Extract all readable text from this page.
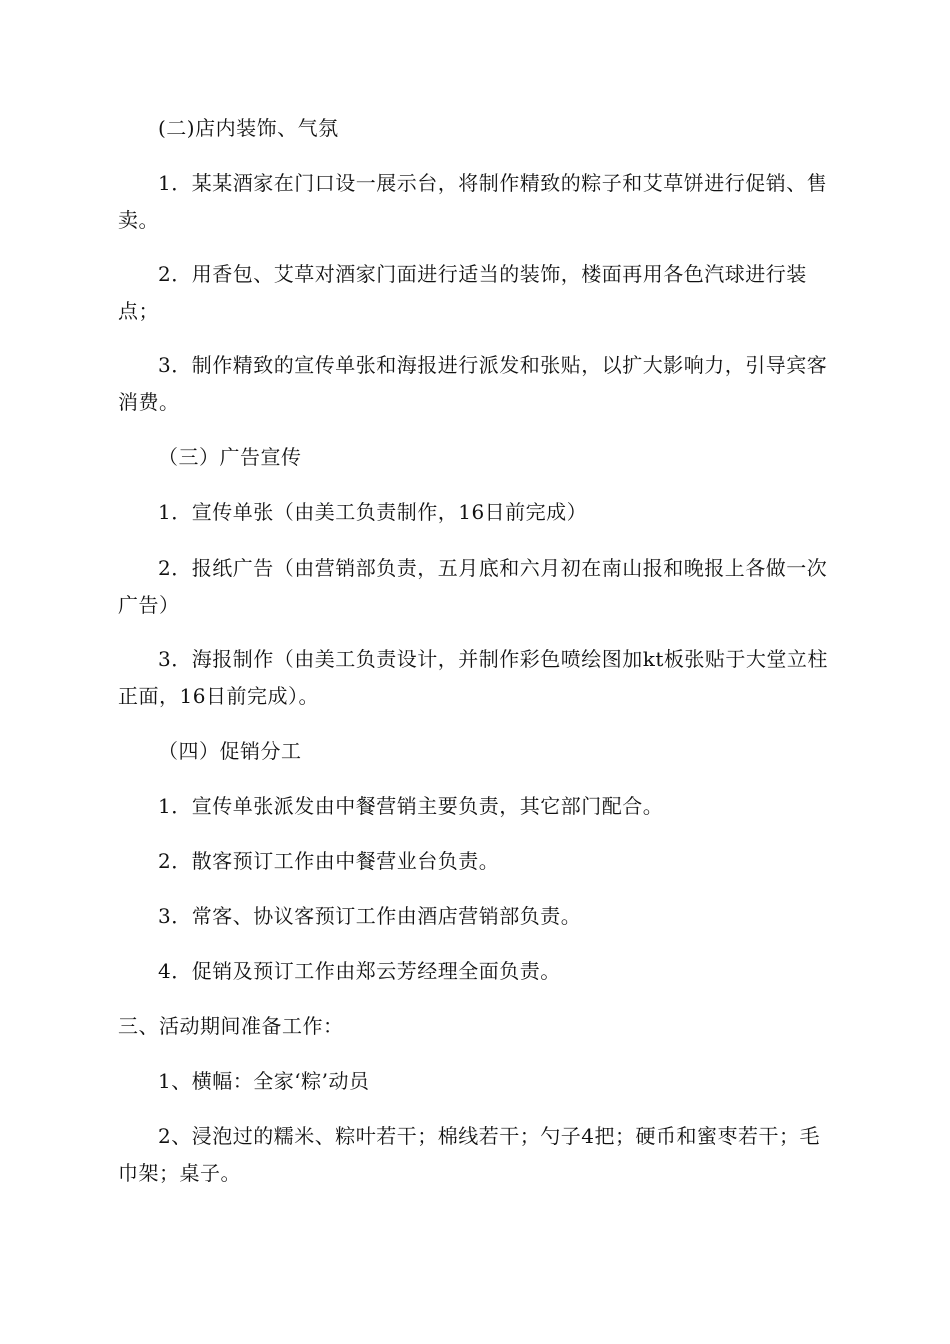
(二)店内装饰、气氛

1．某某酒家在门口设一展示台，将制作精致的粽子和艾草饼进行促销、售卖。

2．用香包、艾草对酒家门面进行适当的装饰，楼面再用各色汽球进行装点；

3．制作精致的宣传单张和海报进行派发和张贴，以扩大影响力，引导宾客消费。

（三）广告宣传

1．宣传单张（由美工负责制作，16日前完成）

2．报纸广告（由营销部负责，五月底和六月初在南山报和晚报上各做一次广告）

3．海报制作（由美工负责设计，并制作彩色喷绘图加kt板张贴于大堂立柱正面，16日前完成）。

（四）促销分工

1．宣传单张派发由中餐营销主要负责，其它部门配合。

2．散客预订工作由中餐营业台负责。

3．常客、协议客预订工作由酒店营销部负责。

4．促销及预订工作由郑云芳经理全面负责。

三、活动期间准备工作：

1、横幅：全家‘粽’动员

2、浸泡过的糯米、粽叶若干；棉线若干；勺子4把；硬币和蜜枣若干；毛巾架；桌子。
